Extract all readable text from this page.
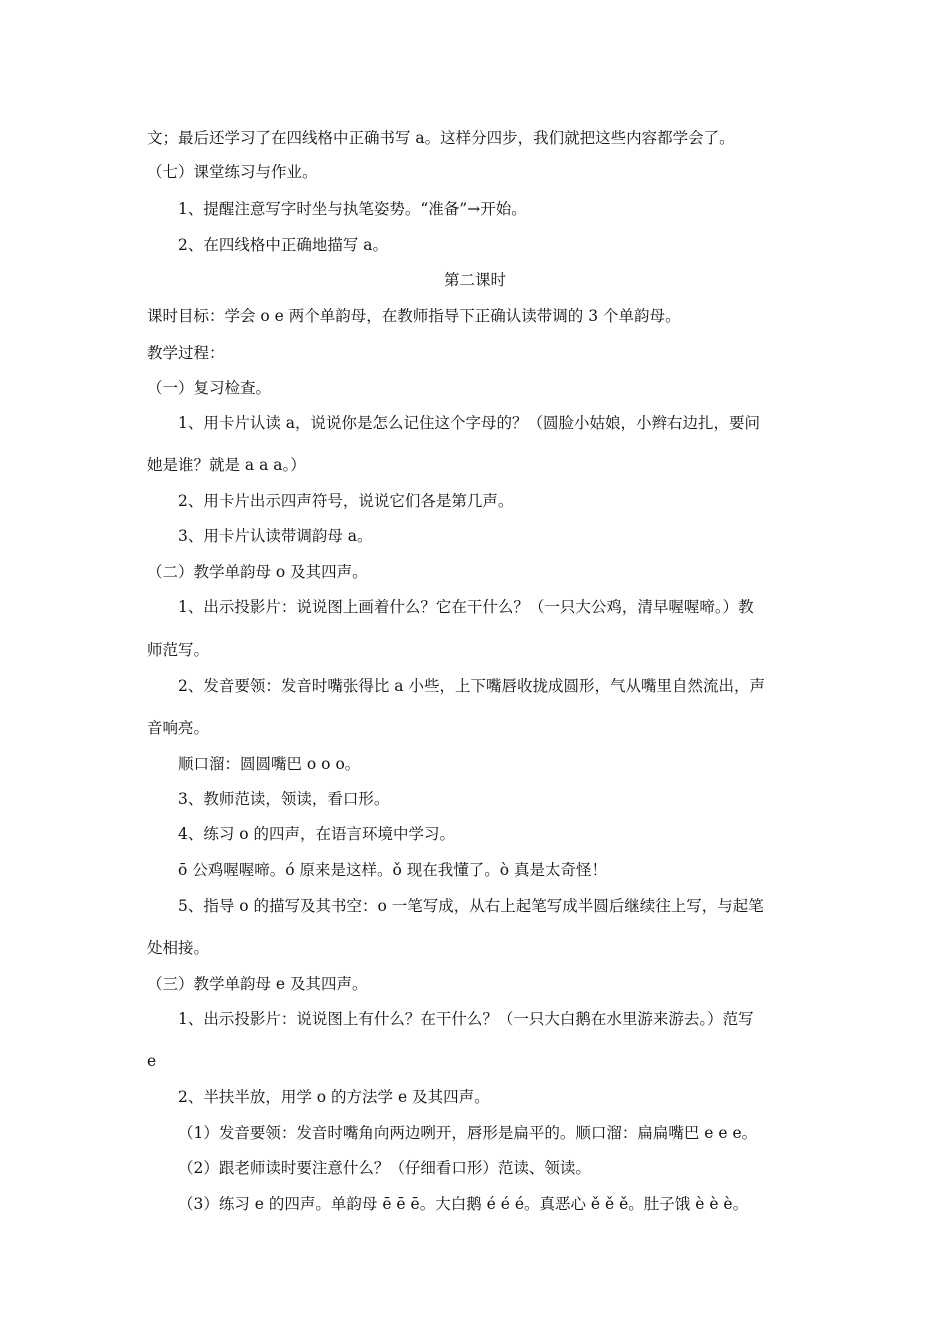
文；最后还学习了在四线格中正确书写 a。这样分四步，我们就把这些内容都学会了。

（七）课堂练习与作业。

1、提醒注意写字时坐与执笔姿势。“准备”→开始。

2、在四线格中正确地描写 a。

第二课时

课时目标：学会 o e 两个单韵母，在教师指导下正确认读带调的 3 个单韵母。

教学过程：

（一）复习检查。

1、用卡片认读 a，说说你是怎么记住这个字母的？（圆脸小姑娘，小辫右边扎，要问

她是谁？就是 a a a。）

2、用卡片出示四声符号，说说它们各是第几声。

3、用卡片认读带调韵母 a。

（二）教学单韵母 o 及其四声。

1、出示投影片：说说图上画着什么？它在干什么？（一只大公鸡，清早喔喔啼。）教

师范写。

2、发音要领：发音时嘴张得比 a 小些，上下嘴唇收拢成圆形，气从嘴里自然流出，声

音响亮。

顺口溜：圆圆嘴巴 o o o。

3、教师范读，领读，看口形。

4、练习 o 的四声，在语言环境中学习。

ō 公鸡喔喔啼。ó 原来是这样。ǒ 现在我懂了。ò 真是太奇怪！

5、指导 o 的描写及其书空：o 一笔写成，从右上起笔写成半圆后继续往上写，与起笔

处相接。

（三）教学单韵母 e 及其四声。

1、出示投影片：说说图上有什么？在干什么？（一只大白鹅在水里游来游去。）范写

e

2、半扶半放，用学 o 的方法学 e 及其四声。

（1）发音要领：发音时嘴角向两边咧开，唇形是扁平的。顺口溜：扁扁嘴巴 e e e。

（2）跟老师读时要注意什么？（仔细看口形）范读、领读。

（3）练习 e 的四声。单韵母 ē ē ē。大白鹅 é é é。真恶心 ě ě ě。肚子饿 è è è。
